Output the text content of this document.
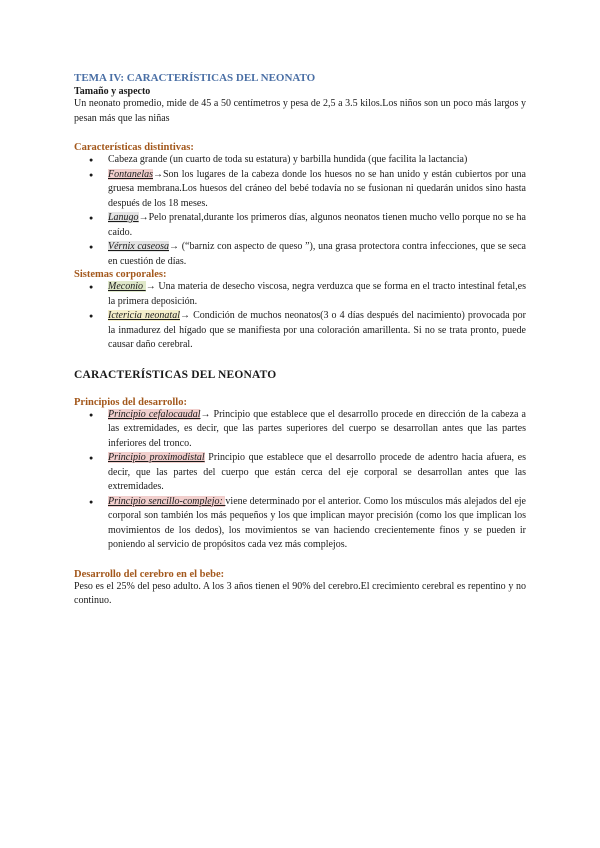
TEMA IV: CARACTERÍSTICAS DEL NEONATO

Tamaño y aspecto

Un neonato promedio, mide de 45 a 50 centímetros y pesa de 2,5 a 3.5 kilos.Los niños son un poco más largos y pesan más que las niñas

Características distintivas:

● Cabeza grande (un cuarto de toda su estatura) y barbilla hundida (que facilita la lactancia)
● Fontanelas→Son los lugares de la cabeza donde los huesos no se han unido y están cubiertos por una gruesa membrana.Los huesos del cráneo del bebé todavía no se fusionan ni quedarán unidos sino hasta después de los 18 meses.
● Lanugo→Pelo prenatal,durante los primeros días, algunos neonatos tienen mucho vello porque no se ha caído.
● Vérnix caseosa→ (“barniz con aspecto de queso ”), una grasa protectora contra infecciones, que se seca en cuestión de días.

Sistemas corporales:

● Meconio → Una materia de desecho viscosa, negra verduzca que se forma en el tracto intestinal fetal,es la primera deposición.
● Ictericia neonatal→ Condición de muchos neonatos(3 o 4 días después del nacimiento) provocada por la inmadurez del hígado que se manifiesta por una coloración amarillenta. Si no se trata pronto, puede causar daño cerebral.

CARACTERÍSTICAS DEL NEONATO

Principios del desarrollo:

● Principio cefalocaudal→ Principio que establece que el desarrollo procede en dirección de la cabeza a las extremidades, es decir, que las partes superiores del cuerpo se desarrollan antes que las partes inferiores del tronco.
● Principio proximodistal Principio que establece que el desarrollo procede de adentro hacia afuera, es decir, que las partes del cuerpo que están cerca del eje corporal se desarrollan antes que las extremidades.
● Principio sencillo-complejo: viene determinado por el anterior. Como los músculos más alejados del eje corporal son también los más pequeños y los que implican mayor precisión (como los que implican los movimientos de los dedos), los movimientos se van haciendo crecientemente finos y se pueden ir poniendo al servicio de propósitos cada vez más complejos.

Desarrollo del cerebro en el bebe:

Peso es el 25% del peso adulto. A los 3 años tienen el 90% del cerebro.El crecimiento cerebral es repentino y no continuo.
